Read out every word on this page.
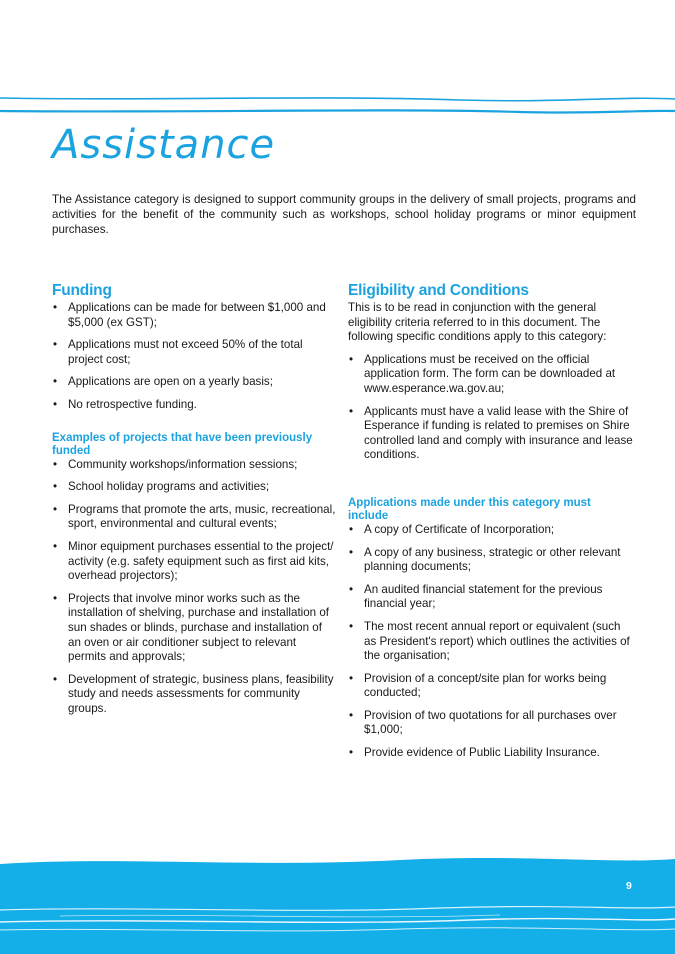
Assistance

The Assistance category is designed to support community groups in the delivery of small projects, programs and activities for the benefit of the community such as workshops, school holiday programs or minor equipment purchases.

Funding
• Applications can be made for between $1,000 and $5,000 (ex GST);
• Applications must not exceed 50% of the total project cost;
• Applications are open on a yearly basis;
• No retrospective funding.
Examples of projects that have been previously funded
• Community workshops/information sessions;
• School holiday programs and activities;
• Programs that promote the arts, music, recreational, sport, environmental and cultural events;
• Minor equipment purchases essential to the project/ activity (e.g. safety equipment such as first aid kits, overhead projectors);
• Projects that involve minor works such as the installation of shelving, purchase and installation of sun shades or blinds, purchase and installation of an oven or air conditioner subject to relevant permits and approvals;
• Development of strategic, business plans, feasibility study and needs assessments for community groups.
Eligibility and Conditions

This is to be read in conjunction with the general eligibility criteria referred to in this document. The following specific conditions apply to this category:

• Applications must be received on the official application form. The form can be downloaded at www.esperance.wa.gov.au;
• Applicants must have a valid lease with the Shire of Esperance if funding is related to premises on Shire controlled land and comply with insurance and lease conditions.
Applications made under this category must include
• A copy of Certificate of Incorporation;
• A copy of any business, strategic or other relevant planning documents;
• An audited financial statement for the previous financial year;
• The most recent annual report or equivalent (such as President's report) which outlines the activities of the organisation;
• Provision of a concept/site plan for works being conducted;
• Provision of two quotations for all purchases over $1,000;
• Provide evidence of Public Liability Insurance.
9
